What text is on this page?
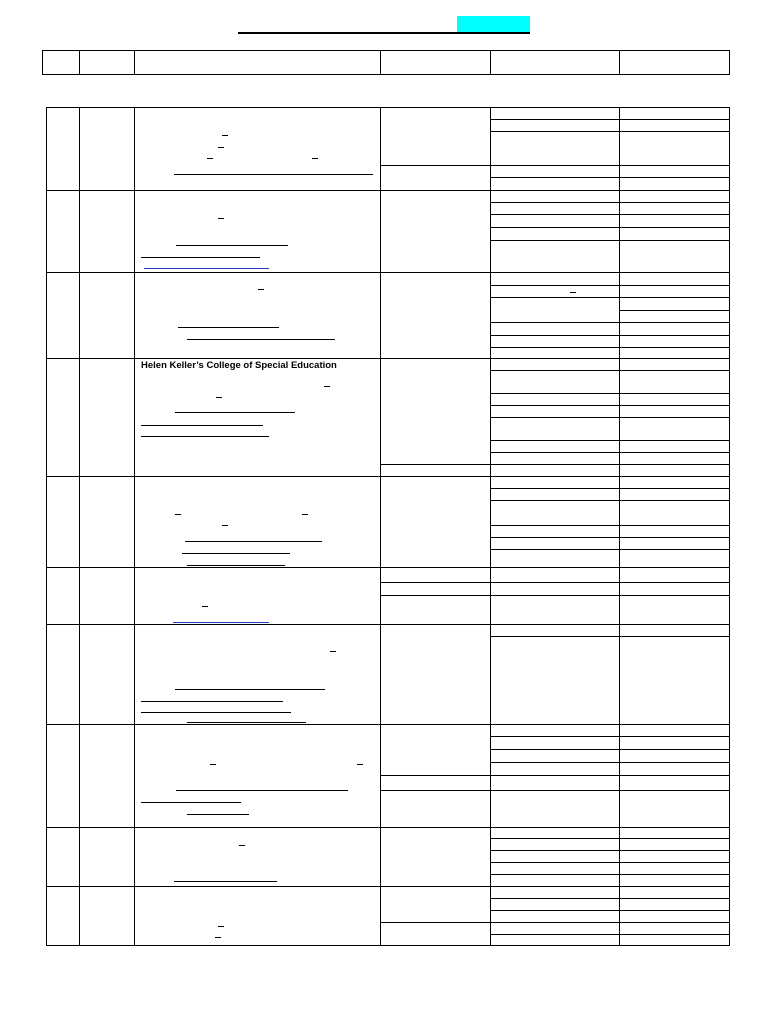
Helen Keller’s College of Special Education
